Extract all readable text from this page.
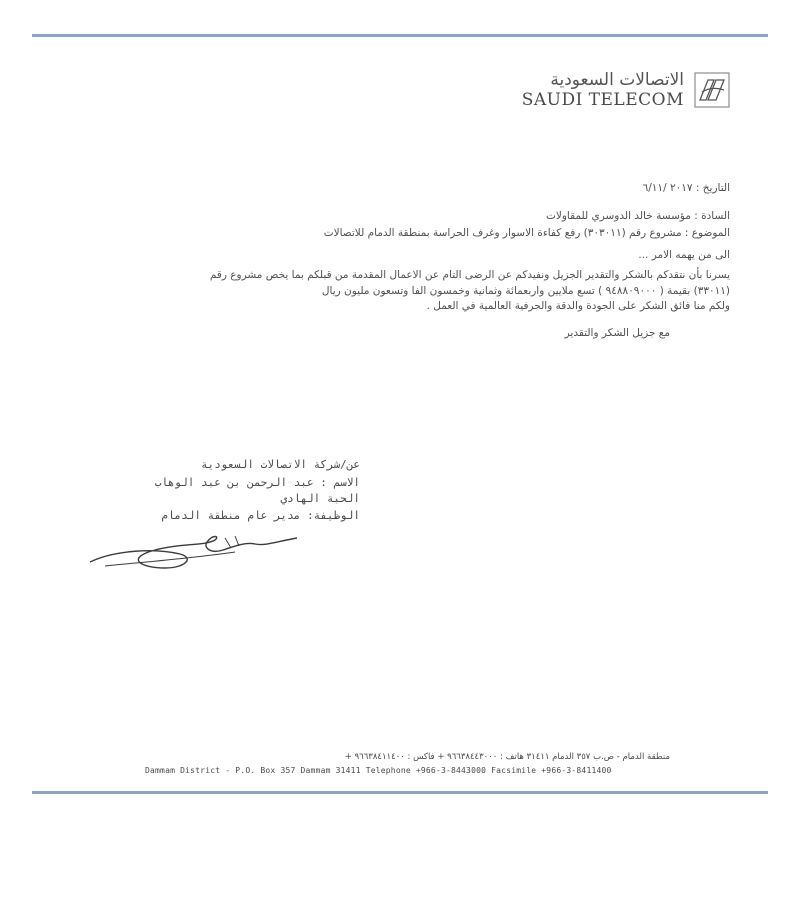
الاتصالات السعودية
SAUDI TELECOM
التاريخ : ٢٠١٧ /٦/١١
السادة : مؤسسة خالد الدوسري للمقاولات
الموضوع : مشروع رقم (٣٠٣٠١١) رفع كفاءة الاسوار وغرف الحراسة بمنطقة الدمام للاتصالات
الى من يهمه الامر ...
يسرنا بأن نتقدكم بالشكر والتقدير الجزيل ونفيدكم عن الرضى التام عن الاعمال المقدمة من قبلكم بما يخص مشروع رقم
(٣٣٠١١) بقيمة ( ٩٤٨٨٠٩٠٠٠ ) تسع ملايين واربعمائة وثمانية وخمسون الفا وتسعون مليون ريال
ولكم منا فائق الشكر على الجودة والدقة والحرفية العالمية في العمل .
مع جزيل الشكر والتقدير
عن/شركة الاتصالات السعودية
الاسم : عبد الرحمن بن عبد الوهاب
الحبة الهادي
الوظيفة: مدير عام منطقة الدمام
منطقة الدمام - ص.ب ٣٥٧ الدمام ٣١٤١١ هاتف : ٩٦٦٣٨٤٤٣٠٠٠ + فاكس : ٩٦٦٣٨٤١١٤٠٠ +
Dammam District - P.O. Box 357 Dammam 31411 Telephone +966-3-8443000 Facsimile +966-3-8411400
